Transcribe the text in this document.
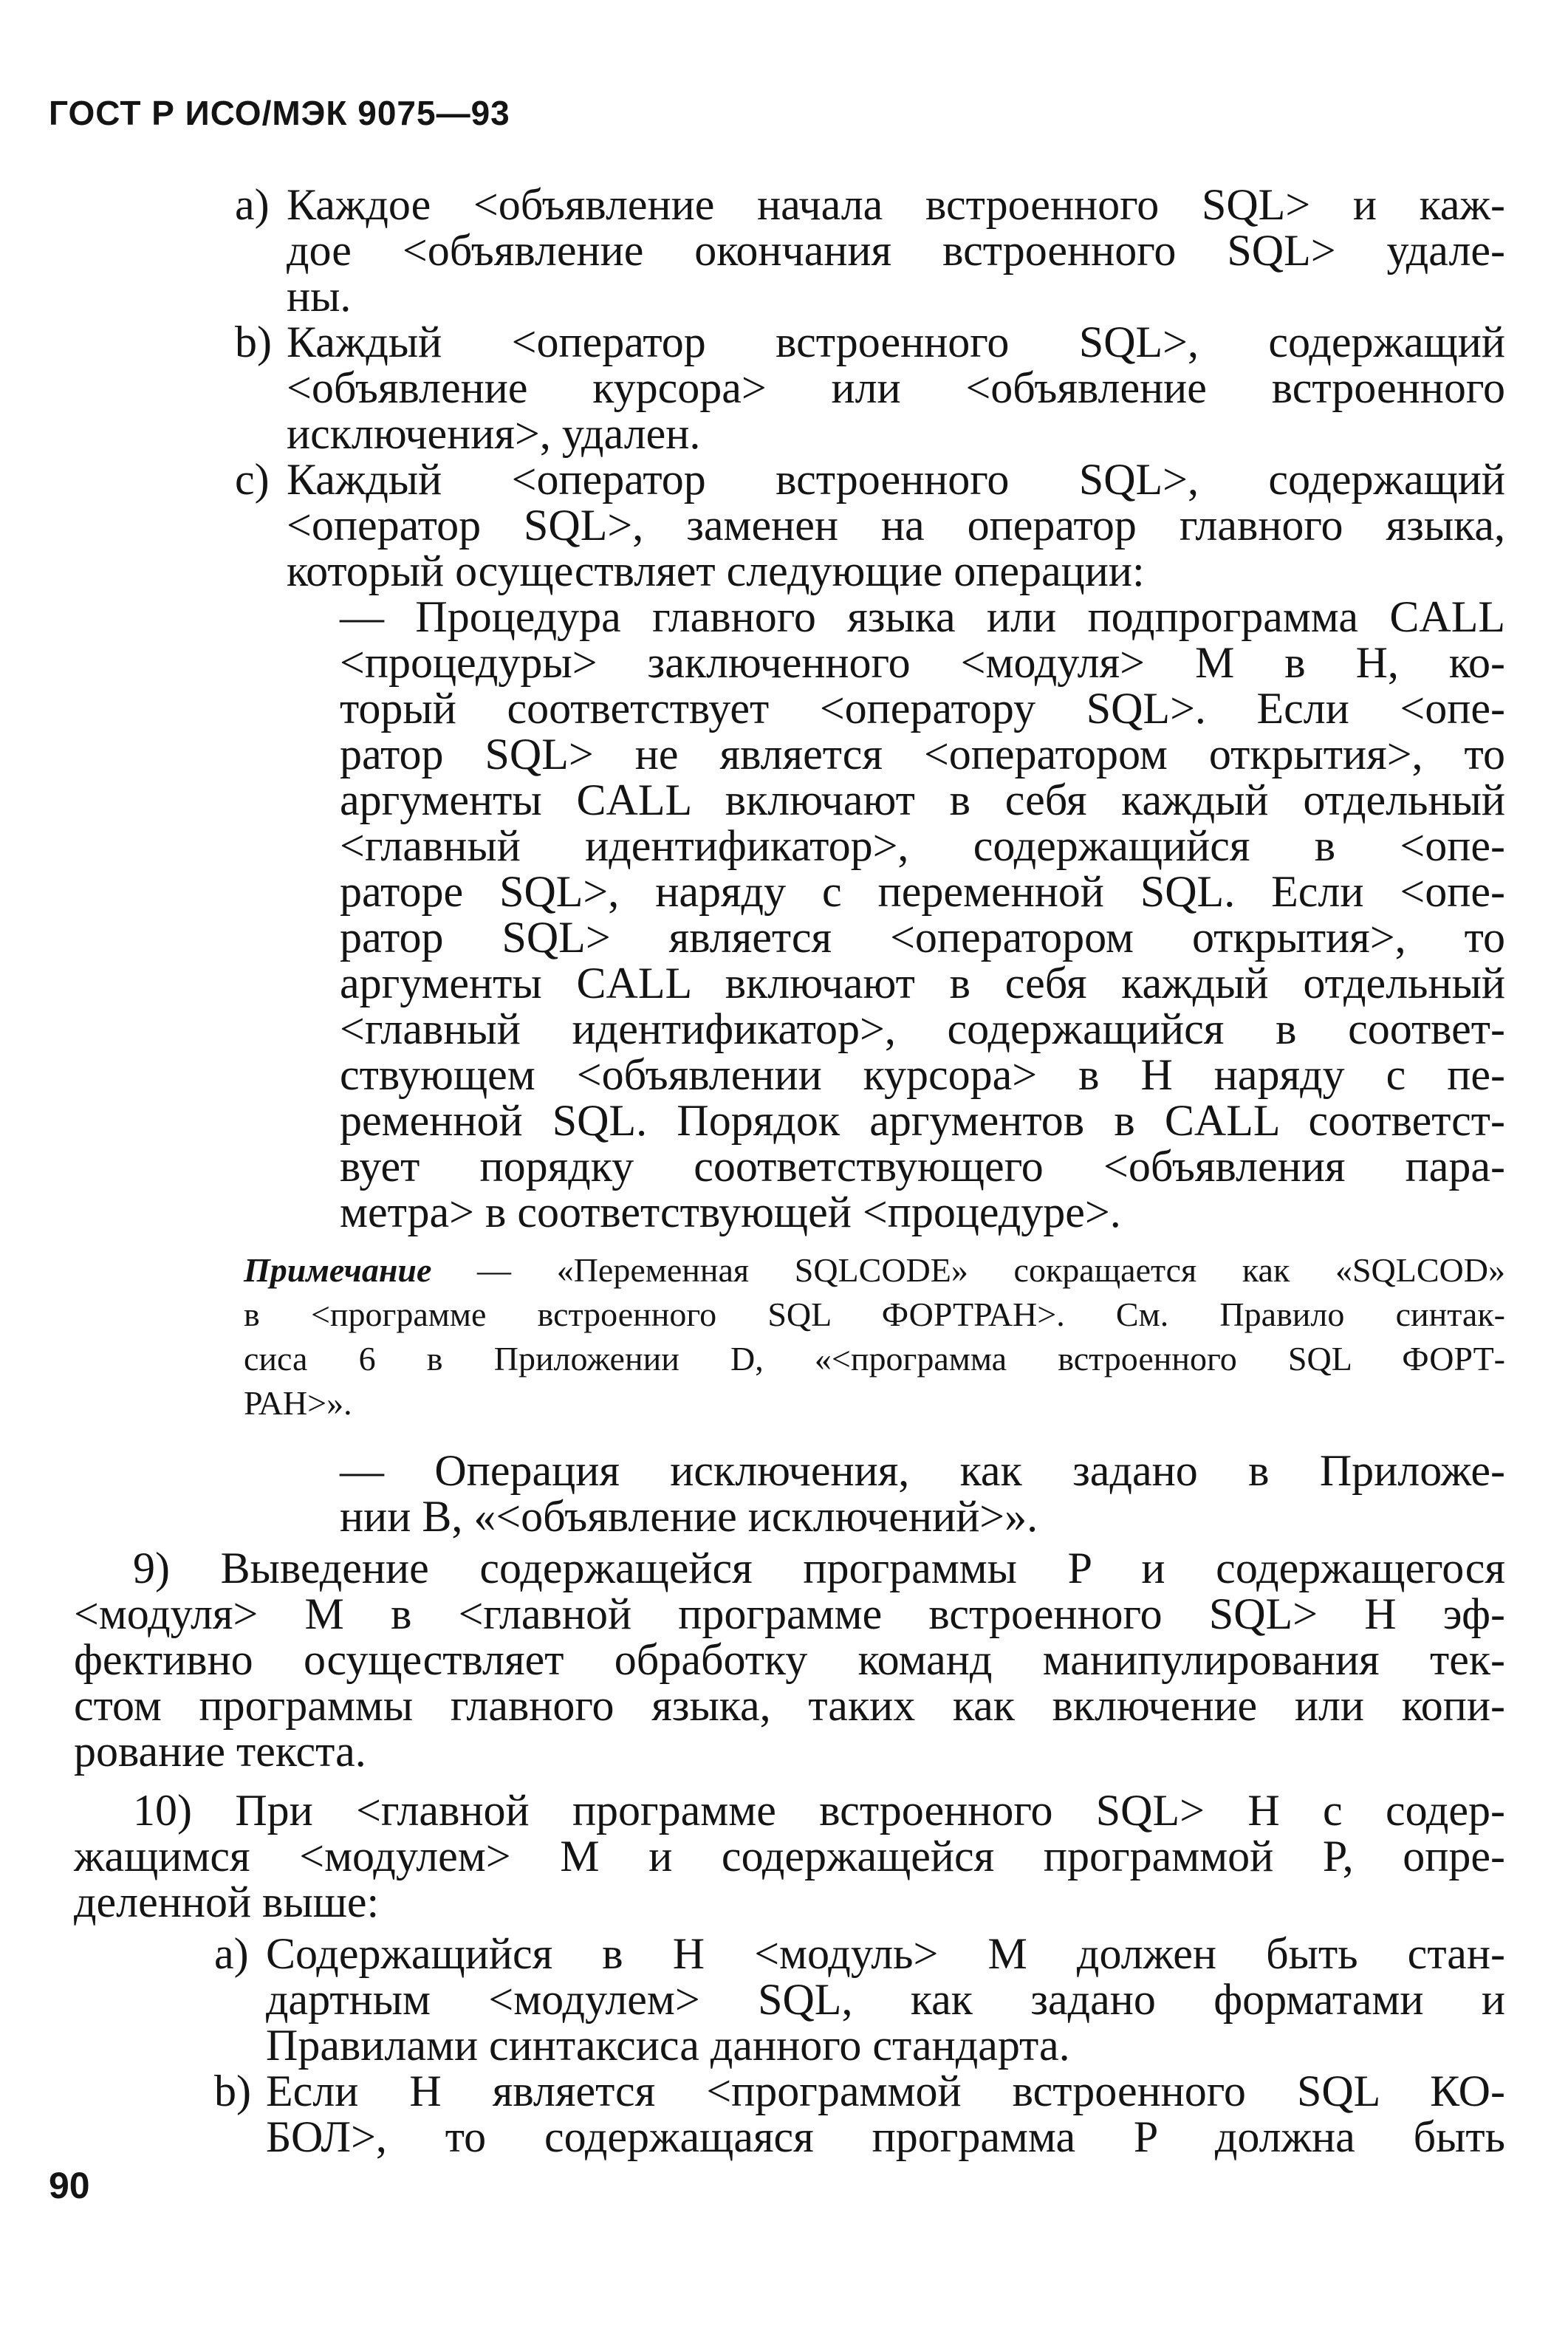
ГОСТ Р ИСО/МЭК 9075—93
a) Каждое <объявление начала встроенного SQL> и каж-
дое <объявление окончания встроенного SQL> удале-
ны.
b) Каждый <оператор встроенного SQL>, содержащий
<объявление курсора> или <объявление встроенного
исключения>, удален.
c) Каждый <оператор встроенного SQL>, содержащий
<оператор SQL>, заменен на оператор главного языка,
который осуществляет следующие операции:
— Процедура главного языка или подпрограмма CALL
<процедуры> заключенного <модуля> M в H, ко-
торый соответствует <оператору SQL>. Если <опе-
ратор SQL> не является <оператором открытия>, то
аргументы CALL включают в себя каждый отдельный
<главный идентификатор>, содержащийся в <опе-
раторе SQL>, наряду с переменной SQL. Если <опе-
ратор SQL> является <оператором открытия>, то
аргументы CALL включают в себя каждый отдельный
<главный идентификатор>, содержащийся в соответ-
ствующем <объявлении курсора> в H наряду с пе-
ременной SQL. Порядок аргументов в CALL соответст-
вует порядку соответствующего <объявления пара-
метра> в соответствующей <процедуре>.
Примечание — «Переменная SQLCODE» сокращается как «SQLCOD»
в <программе встроенного SQL ФОРТРАН>. См. Правило синтак-
сиса 6 в Приложении D, «<программа встроенного SQL ФОРТ-
РАН>».
— Операция исключения, как задано в Приложе-
нии B, «<объявление исключений>».
9) Выведение содержащейся программы P и содержащегося
<модуля> M в <главной программе встроенного SQL> H эф-
фективно осуществляет обработку команд манипулирования тек-
стом программы главного языка, таких как включение или копи-
рование текста.
10) При <главной программе встроенного SQL> H с содер-
жащимся <модулем> M и содержащейся программой P, опре-
деленной выше:
a) Содержащийся в H <модуль> M должен быть стан-
дартным <модулем> SQL, как задано форматами и
Правилами синтаксиса данного стандарта.
b) Если H является <программой встроенного SQL КО-
БОЛ>, то содержащаяся программа P должна быть
90
